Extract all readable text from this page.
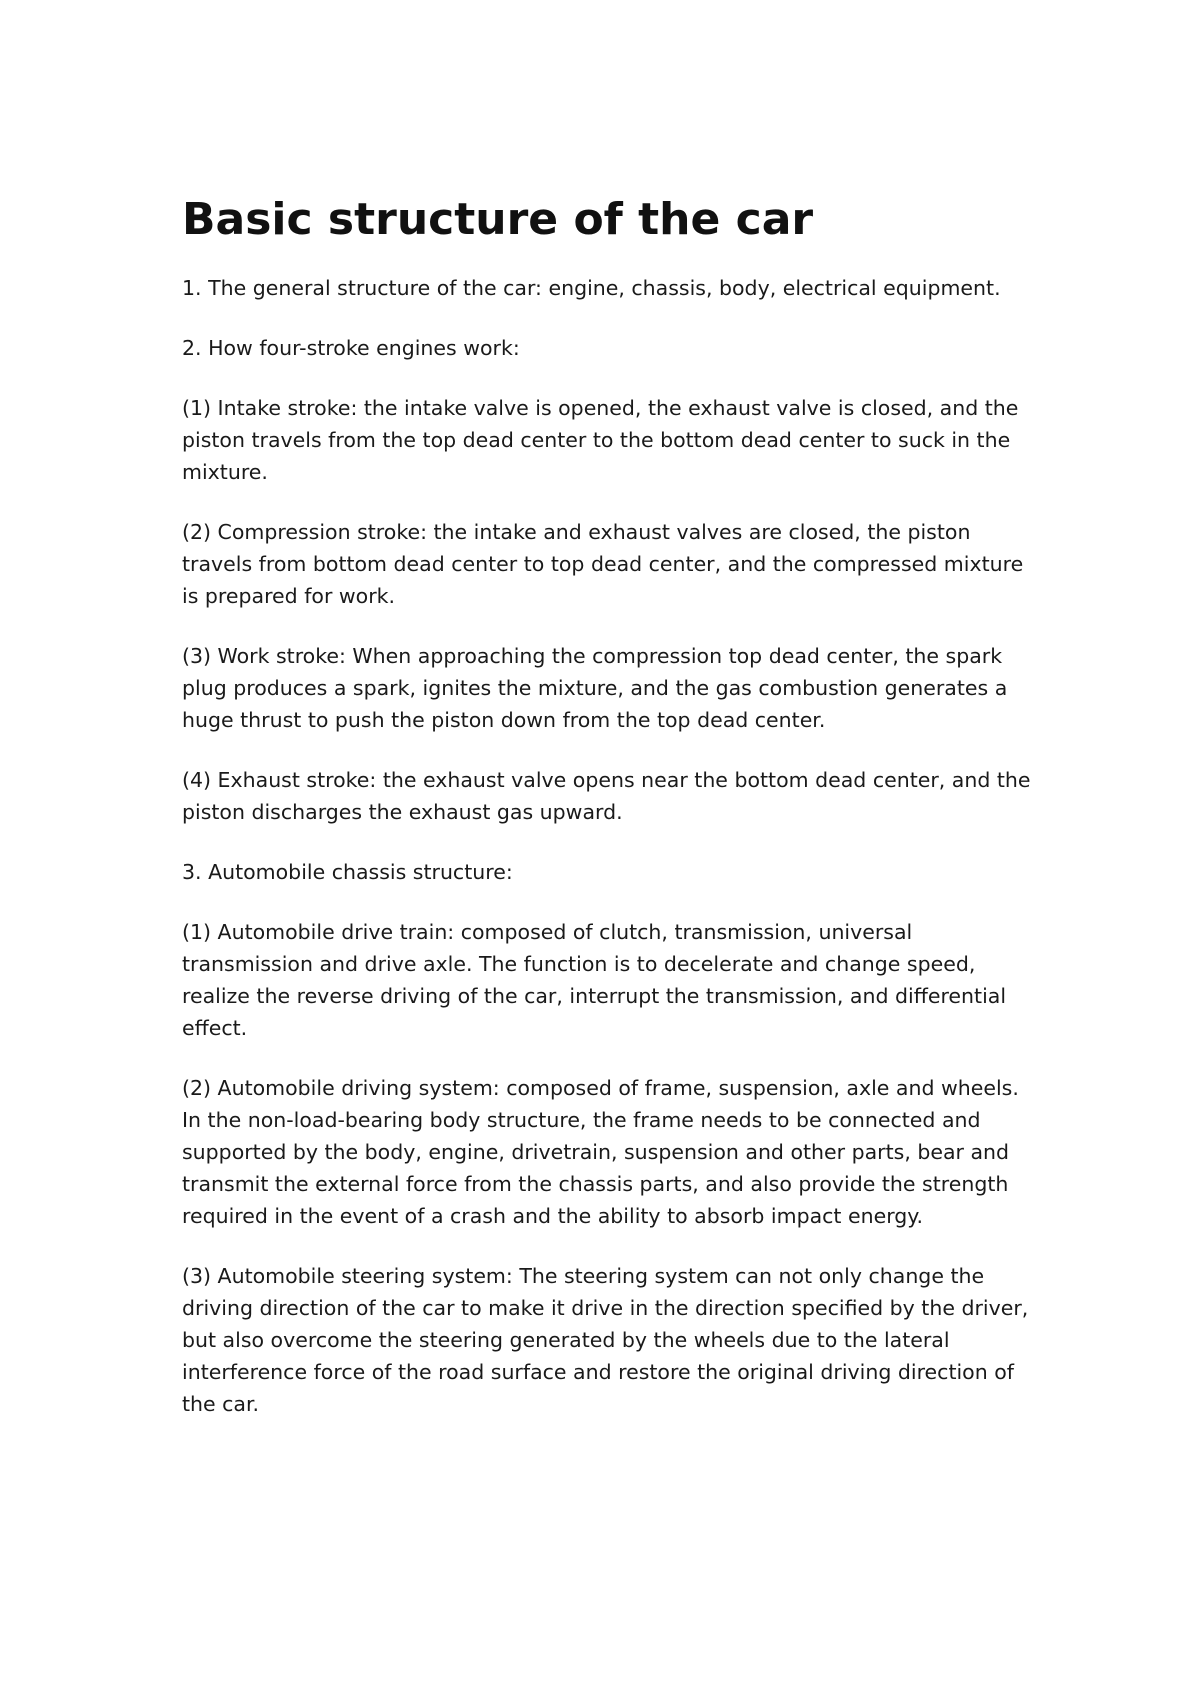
Basic structure of the car

1. The general structure of the car: engine, chassis, body, electrical equipment.

2. How four-stroke engines work:

(1) Intake stroke: the intake valve is opened, the exhaust valve is closed, and the piston travels from the top dead center to the bottom dead center to suck in the mixture.

(2) Compression stroke: the intake and exhaust valves are closed, the piston travels from bottom dead center to top dead center, and the compressed mixture is prepared for work.

(3) Work stroke: When approaching the compression top dead center, the spark plug produces a spark, ignites the mixture, and the gas combustion generates a huge thrust to push the piston down from the top dead center.

(4) Exhaust stroke: the exhaust valve opens near the bottom dead center, and the piston discharges the exhaust gas upward.

3. Automobile chassis structure:

(1) Automobile drive train: composed of clutch, transmission, universal transmission and drive axle. The function is to decelerate and change speed, realize the reverse driving of the car, interrupt the transmission, and differential effect.

(2) Automobile driving system: composed of frame, suspension, axle and wheels. In the non-load-bearing body structure, the frame needs to be connected and supported by the body, engine, drivetrain, suspension and other parts, bear and transmit the external force from the chassis parts, and also provide the strength required in the event of a crash and the ability to absorb impact energy.

(3) Automobile steering system: The steering system can not only change the driving direction of the car to make it drive in the direction specified by the driver, but also overcome the steering generated by the wheels due to the lateral interference force of the road surface and restore the original driving direction of the car.
